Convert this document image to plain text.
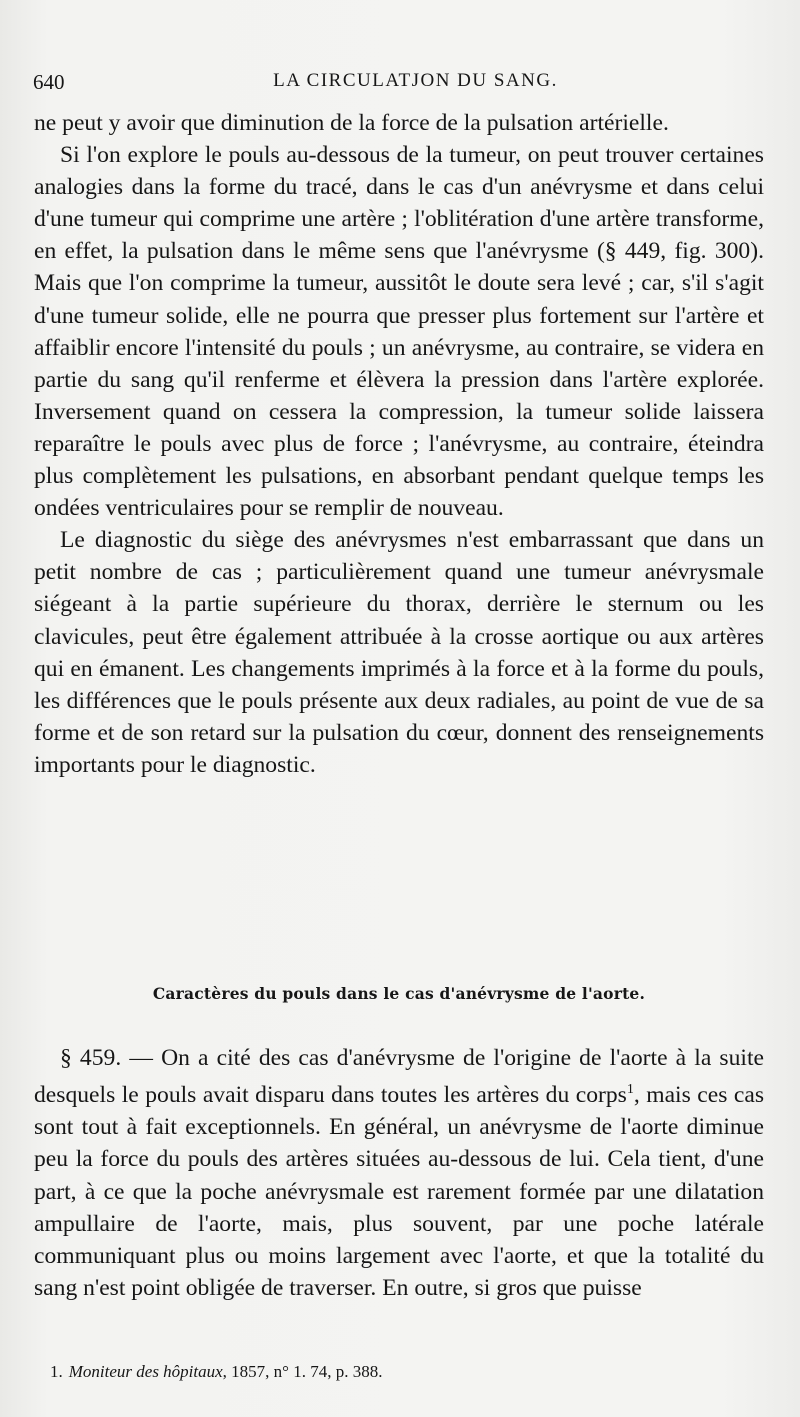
640	LA CIRCULATJON DU SANG.

ne peut y avoir que diminution de la force de la pulsation artérielle.

Si l'on explore le pouls au-dessous de la tumeur, on peut trouver certaines analogies dans la forme du tracé, dans le cas d'un anévrysme et dans celui d'une tumeur qui comprime une artère ; l'oblitération d'une artère transforme, en effet, la pulsation dans le même sens que l'anévrysme (§ 449, fig. 300). Mais que l'on comprime la tumeur, aussitôt le doute sera levé ; car, s'il s'agit d'une tumeur solide, elle ne pourra que presser plus fortement sur l'artère et affaiblir encore l'intensité du pouls ; un anévrysme, au contraire, se videra en partie du sang qu'il renferme et élèvera la pression dans l'artère explorée. Inversement quand on cessera la compression, la tumeur solide laissera reparaître le pouls avec plus de force ; l'anévrysme, au contraire, éteindra plus complètement les pulsations, en absorbant pendant quelque temps les ondées ventriculaires pour se remplir de nouveau.

Le diagnostic du siège des anévrysmes n'est embarrassant que dans un petit nombre de cas ; particulièrement quand une tumeur anévrysmale siégeant à la partie supérieure du thorax, derrière le sternum ou les clavicules, peut être également attribuée à la crosse aortique ou aux artères qui en émanent. Les changements imprimés à la force et à la forme du pouls, les différences que le pouls présente aux deux radiales, au point de vue de sa forme et de son retard sur la pulsation du cœur, donnent des renseignements importants pour le diagnostic.

Caractères du pouls dans le cas d'anévrysme de l'aorte.

§ 459. — On a cité des cas d'anévrysme de l'origine de l'aorte à la suite desquels le pouls avait disparu dans toutes les artères du corps$^1$, mais ces cas sont tout à fait exceptionnels. En général, un anévrysme de l'aorte diminue peu la force du pouls des artères situées au-dessous de lui. Cela tient, d'une part, à ce que la poche anévrysmale est rarement formée par une dilatation ampullaire de l'aorte, mais, plus souvent, par une poche latérale communiquant plus ou moins largement avec l'aorte, et que la totalité du sang n'est point obligée de traverser. En outre, si gros que puisse

1. Moniteur des hôpitaux, 1857, n° 1. 74, p. 388.
